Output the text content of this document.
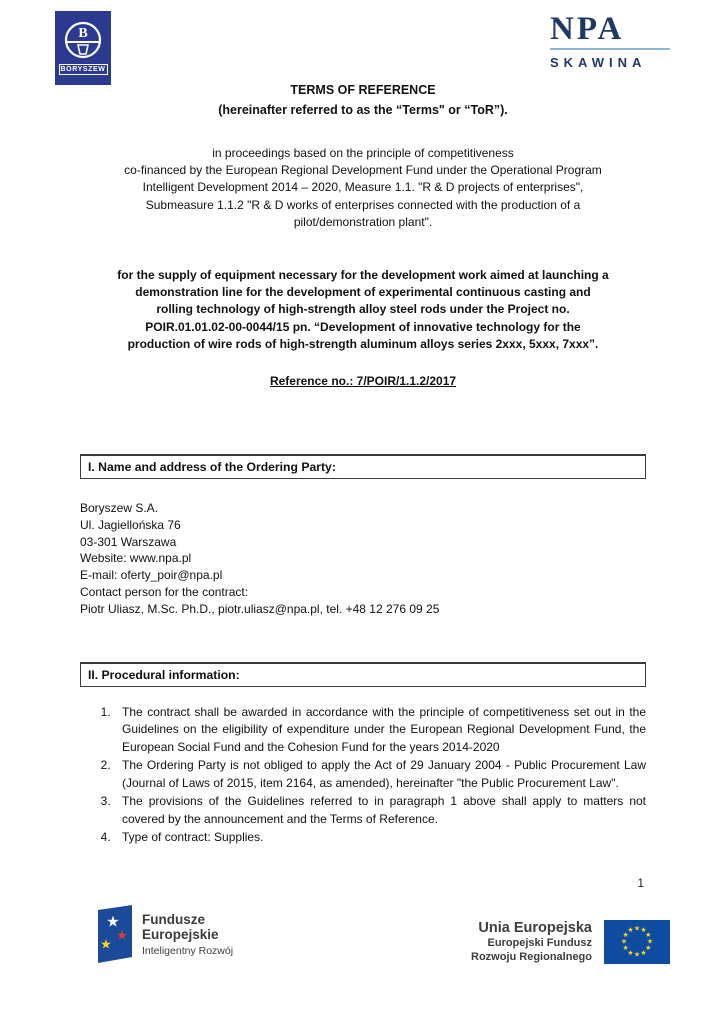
B
BORYSZEW
NPA
SKAWINA
TERMS OF REFERENCE
(hereinafter referred to as the “Terms" or “ToR”).
in proceedings based on the principle of competitiveness
co-financed by the European Regional Development Fund under the Operational Program
Intelligent Development 2014 – 2020, Measure 1.1. "R & D projects of enterprises",
Submeasure 1.1.2 "R & D works of enterprises connected with the production of a
pilot/demonstration plant".
for the supply of equipment necessary for the development work aimed at launching a
demonstration line for the development of experimental continuous casting and
rolling technology of high-strength alloy steel rods under the Project no.
POIR.01.01.02-00-0044/15 pn. “Development of innovative technology for the
production of wire rods of high-strength aluminum alloys series 2xxx, 5xxx, 7xxx”.
Reference no.: 7/POIR/1.1.2/2017
I. Name and address of the Ordering Party:
Boryszew S.A.
Ul. Jagiellońska 76
03-301 Warszawa
Website: www.npa.pl
E-mail: oferty_poir@npa.pl
Contact person for the contract:
Piotr Uliasz, M.Sc. Ph.D., piotr.uliasz@npa.pl, tel. +48 12 276 09 25
II. Procedural information:
1. The contract shall be awarded in accordance with the principle of competitiveness set out in the Guidelines on the eligibility of expenditure under the European Regional Development Fund, the European Social Fund and the Cohesion Fund for the years 2014-2020
2. The Ordering Party is not obliged to apply the Act of 29 January 2004 - Public Procurement Law (Journal of Laws of 2015, item 2164, as amended), hereinafter "the Public Procurement Law".
3. The provisions of the Guidelines referred to in paragraph 1 above shall apply to matters not covered by the announcement and the Terms of Reference.
4. Type of contract: Supplies.
1
★
★
★
Fundusze
Europejskie
Inteligentny Rozwój
Unia Europejska
Europejski Fundusz
Rozwoju Regionalnego
★ ★
★
★
★
★
★
★
★
★
★
★
